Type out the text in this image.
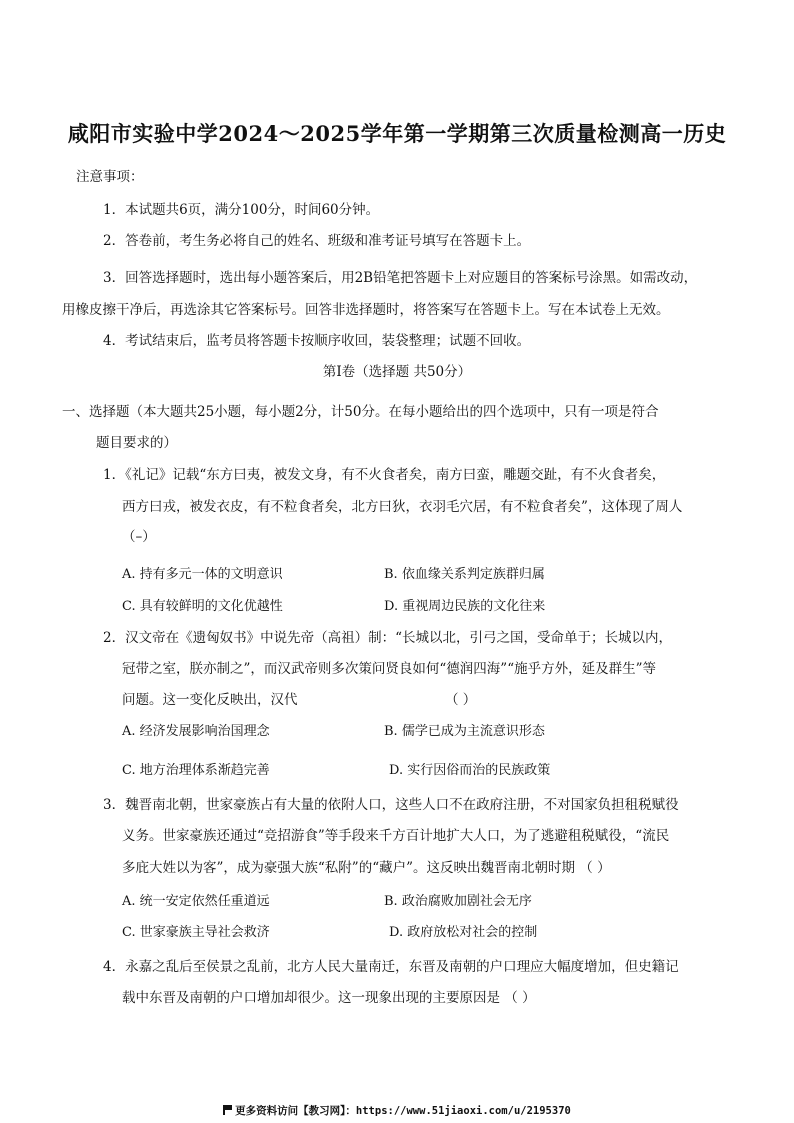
咸阳市实验中学2024～2025学年第一学期第三次质量检测高一历史
注意事项：
1．本试题共6页，满分100分，时间60分钟。
2．答卷前，考生务必将自己的姓名、班级和准考证号填写在答题卡上。
3．回答选择题时，选出每小题答案后，用2B铅笔把答题卡上对应题目的答案标号涂黑。如需改动，
用橡皮擦干净后，再选涂其它答案标号。回答非选择题时，将答案写在答题卡上。写在本试卷上无效。
4．考试结束后，监考员将答题卡按顺序收回，装袋整理；试题不回收。
第Ⅰ卷（选择题 共50分）
一、选择题（本大题共25小题，每小题2分，计50分。在每小题给出的四个选项中，只有一项是符合
题目要求的）
1．《礼记》记载“东方曰夷，被发文身，有不火食者矣，南方曰蛮，雕题交趾，有不火食者矣，
西方曰戎，被发衣皮，有不粒食者矣，北方曰狄，衣羽毛穴居，有不粒食者矣”，这体现了周人
（–）
A. 持有多元一体的文明意识	B. 依血缘关系判定族群归属
C. 具有较鲜明的文化优越性	D. 重视周边民族的文化往来
2．汉文帝在《遗匈奴书》中说先帝（高祖）制：“长城以北，引弓之国，受命单于；长城以内，
冠带之室，朕亦制之”，而汉武帝则多次策问贤良如何“德润四海”“施乎方外，延及群生”等
问题。这一变化反映出，汉代	（ ）
A. 经济发展影响治国理念	B. 儒学已成为主流意识形态
C. 地方治理体系渐趋完善	D. 实行因俗而治的民族政策
3．魏晋南北朝，世家豪族占有大量的依附人口，这些人口不在政府注册，不对国家负担租税赋役
义务。世家豪族还通过“竞招游食”等手段来千方百计地扩大人口，为了逃避租税赋役，“流民
多庇大姓以为客”，成为豪强大族“私附”的“藏户”。这反映出魏晋南北朝时期 （ ）
A. 统一安定依然任重道远	B. 政治腐败加剧社会无序
C. 世家豪族主导社会救济	D. 政府放松对社会的控制
4．永嘉之乱后至侯景之乱前，北方人民大量南迁，东晋及南朝的户口理应大幅度增加，但史籍记
载中东晋及南朝的户口增加却很少。这一现象出现的主要原因是 （ ）
更多资料访问【教习网】：https://www.51jiaoxi.com/u/2195370
